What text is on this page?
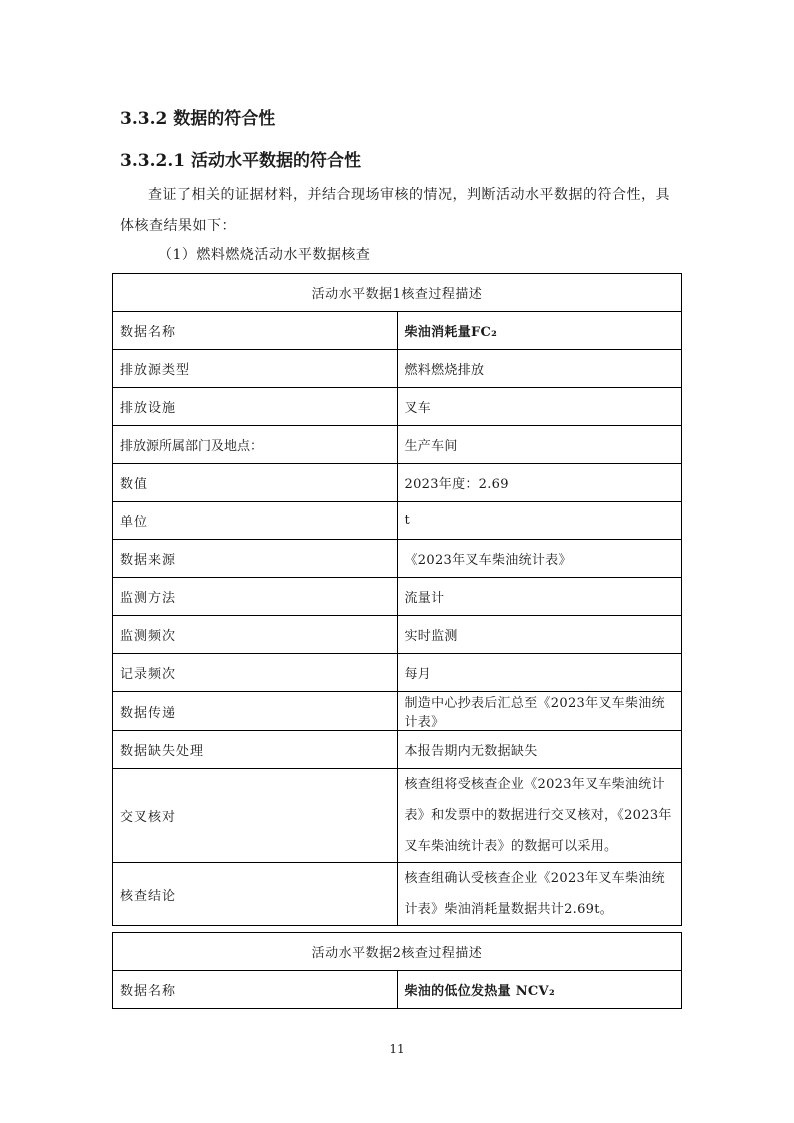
3.3.2 数据的符合性
3.3.2.1 活动水平数据的符合性

查证了相关的证据材料，并结合现场审核的情况，判断活动水平数据的符合性，具体核查结果如下：

（1）燃料燃烧活动水平数据核查

活动水平数据1核查过程描述	
数据名称	柴油消耗量FC₂
排放源类型	燃料燃烧排放
排放设施	叉车
排放源所属部门及地点：	生产车间
数值	2023年度：2.69
单位	t
数据来源	《2023年叉车柴油统计表》
监测方法	流量计
监测频次	实时监测
记录频次	每月
数据传递	制造中心抄表后汇总至《2023年叉车柴油统计表》
数据缺失处理	本报告期内无数据缺失
交叉核对	核查组将受核查企业《2023年叉车柴油统计表》和发票中的数据进行交叉核对，《2023年叉车柴油统计表》的数据可以采用。
核查结论	核查组确认受核查企业《2023年叉车柴油统计表》柴油消耗量数据共计2.69t。
活动水平数据2核查过程描述
数据名称	柴油的低位发热量 NCV₂
11
